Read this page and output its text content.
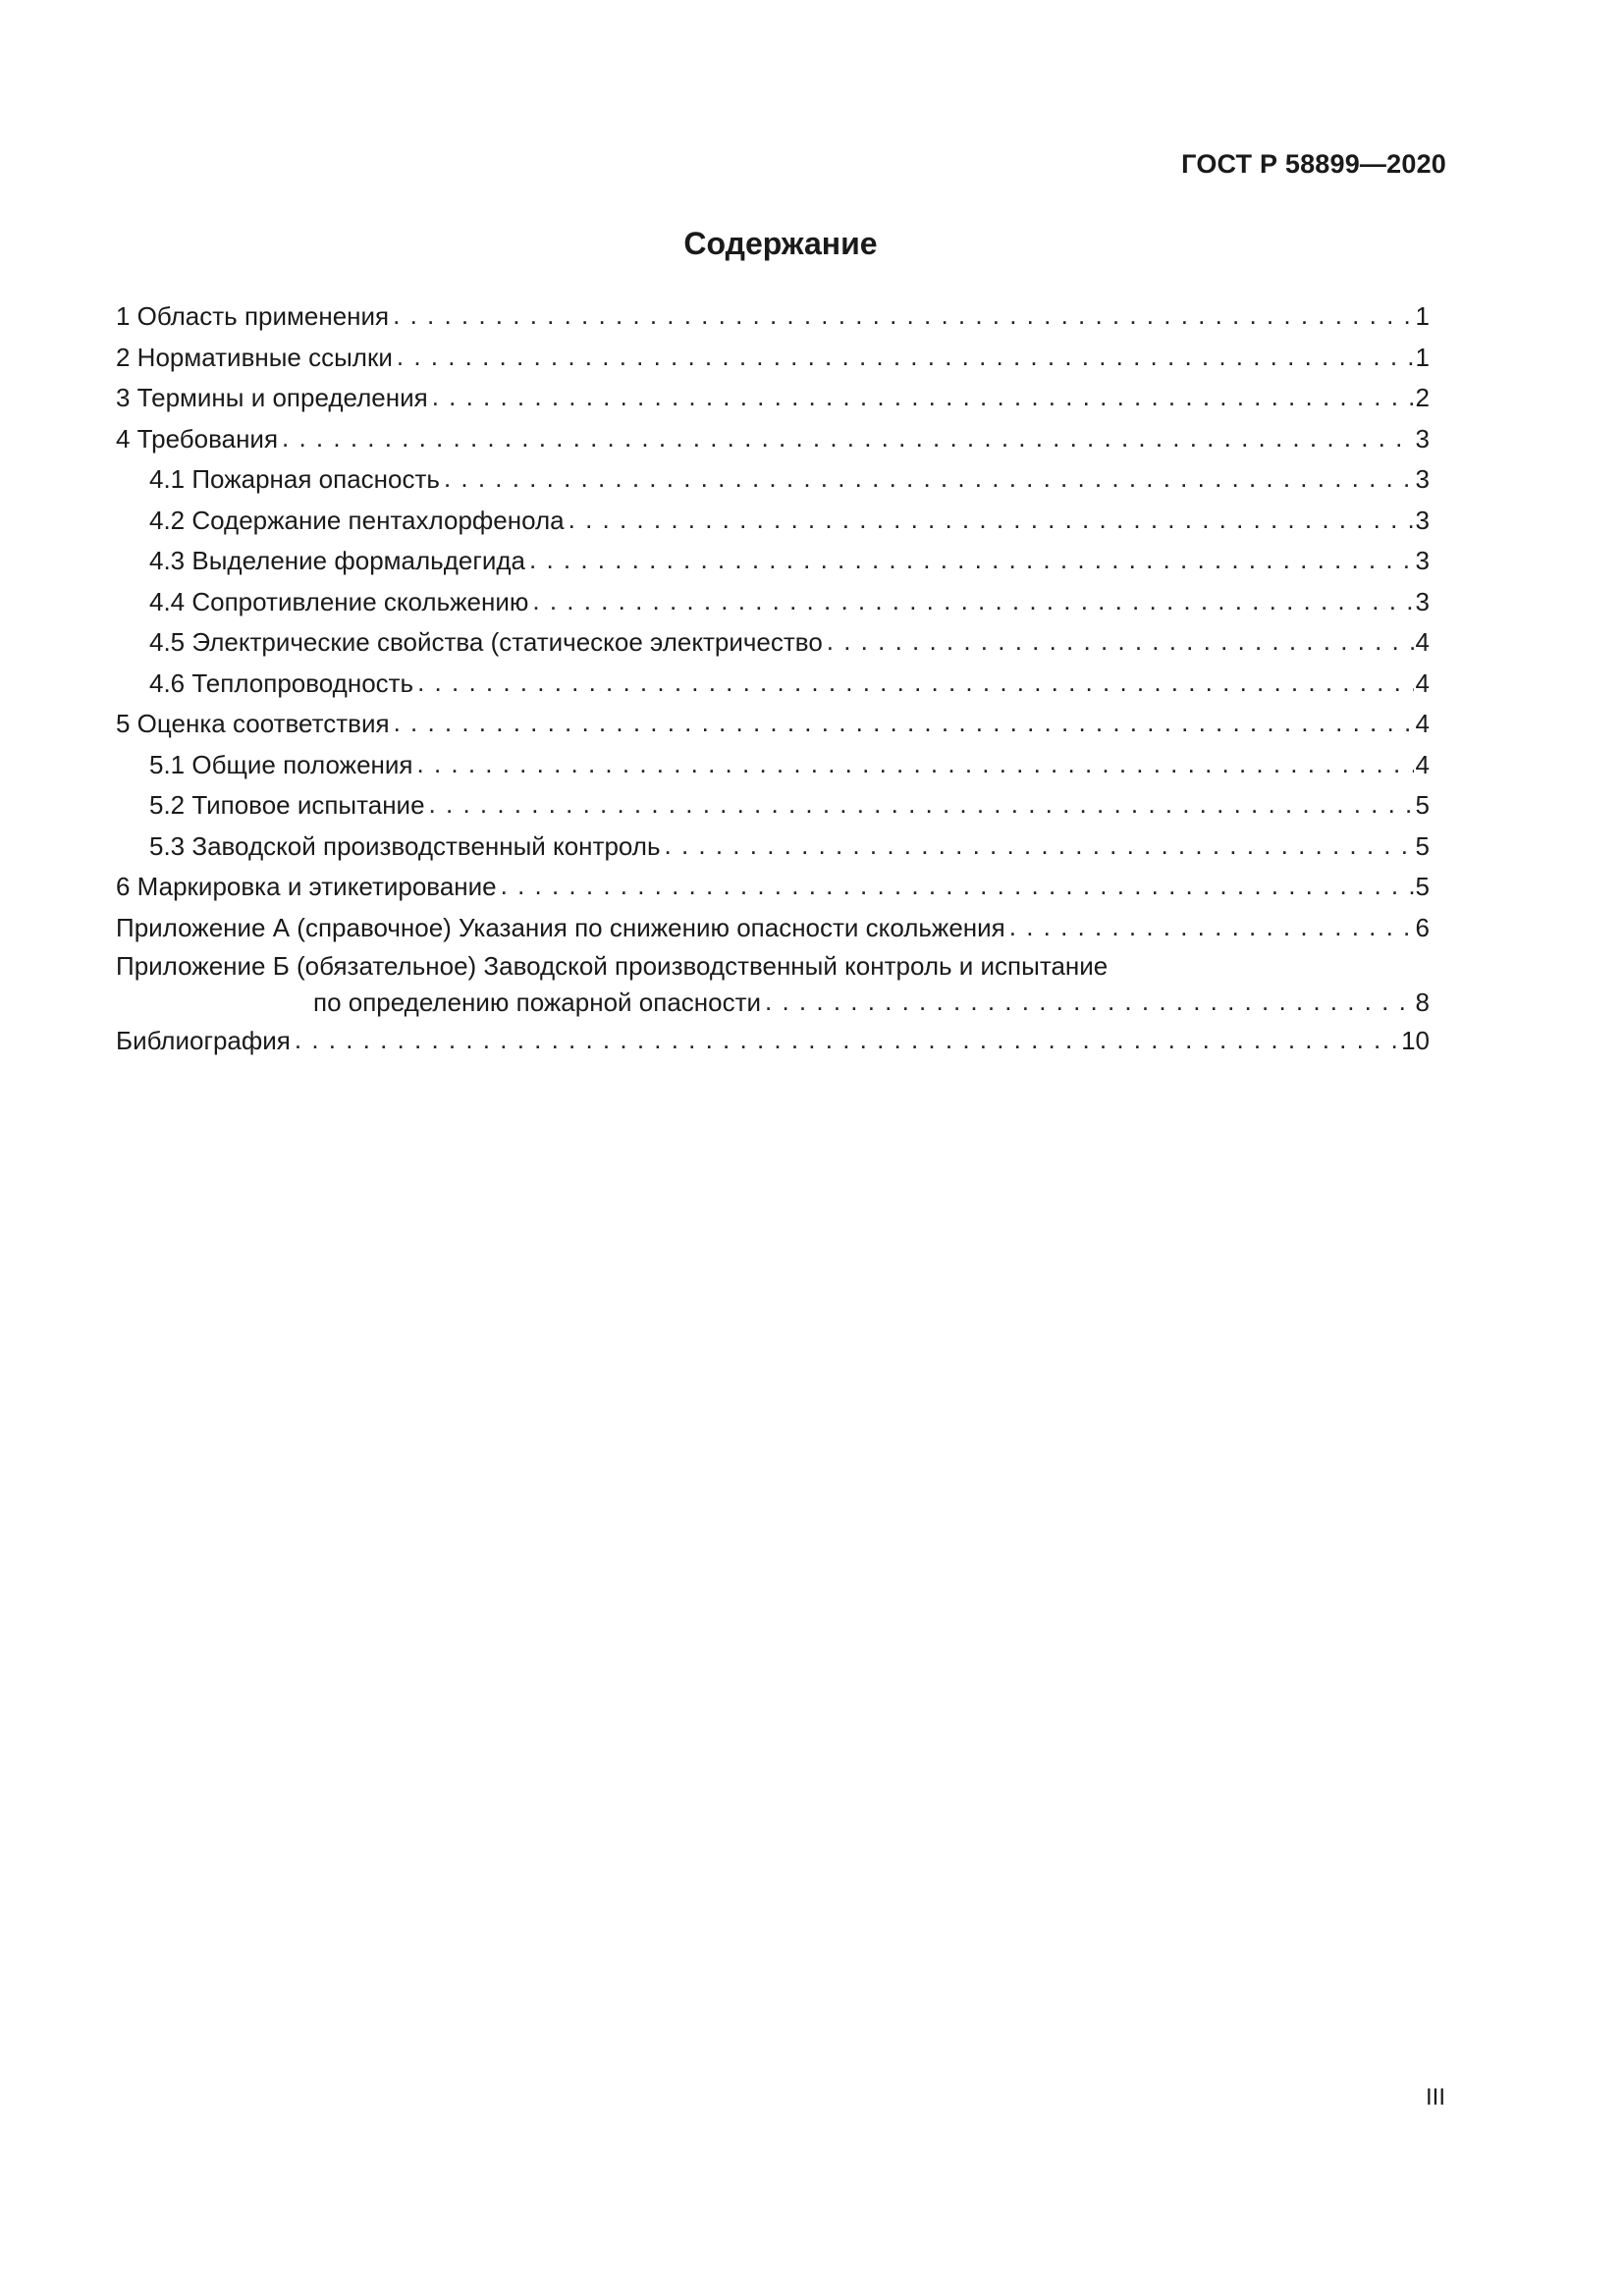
ГОСТ Р 58899—2020
Содержание
1 Область применения . . .	1
2 Нормативные ссылки . . .	1
3 Термины и определения . . .	2
4 Требования . . .	3
4.1 Пожарная опасность . . .	3
4.2 Содержание пентахлорфенола . . .	3
4.3 Выделение формальдегида . . .	3
4.4 Сопротивление скольжению . . .	3
4.5 Электрические свойства (статическое электричество . . .	4
4.6 Теплопроводность . . .	4
5 Оценка соответствия . . .	4
5.1 Общие положения . . .	4
5.2 Типовое испытание . . .	5
5.3 Заводской производственный контроль . . .	5
6 Маркировка и этикетирование . . .	5
Приложение А (справочное) Указания по снижению опасности скольжения . . .	6
Приложение Б (обязательное) Заводской производственный контроль и испытание
по определению пожарной опасности . . .	8
Библиография . . .	10
III
